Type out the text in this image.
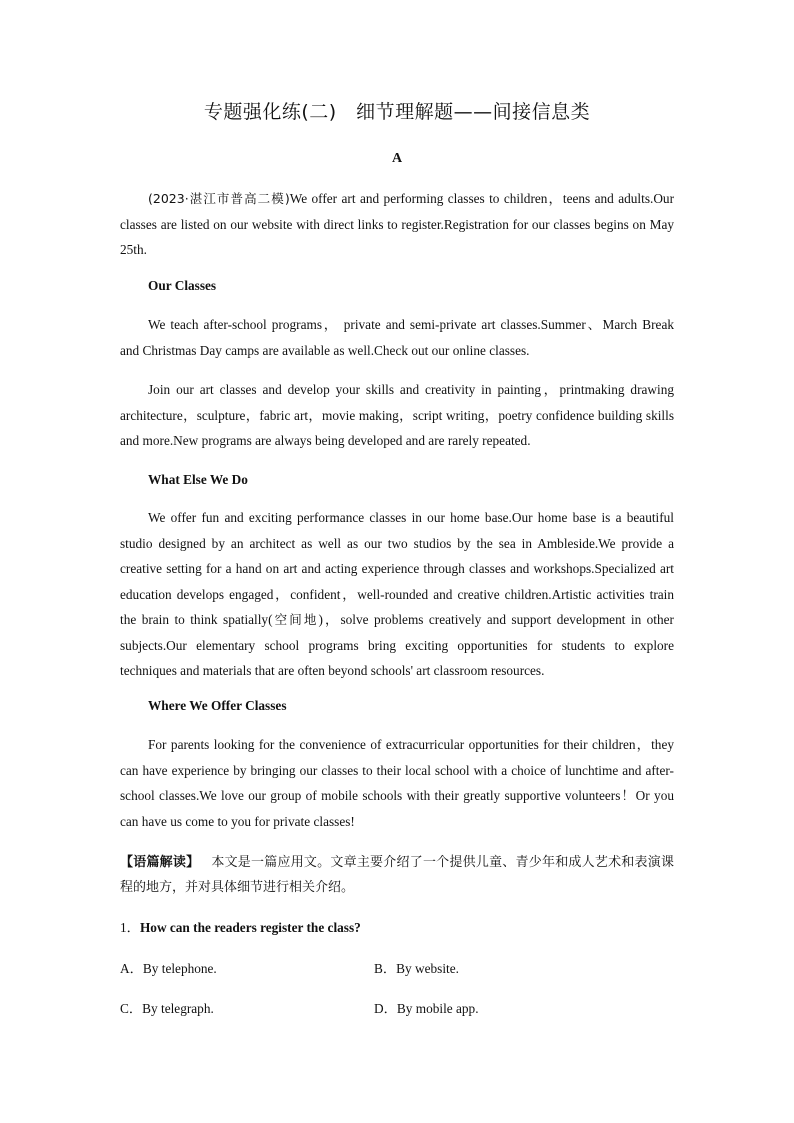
专题强化练(二)　细节理解题——间接信息类
A
(2023·湛江市普高二模)We offer art and performing classes to children，teens and adults.Our classes are listed on our website with direct links to register.Registration for our classes begins on May 25th.
Our Classes
We teach after-school programs， private and semi-private art classes.Summer、March Break and Christmas Day camps are available as well.Check out our online classes.
Join our art classes and develop your skills and creativity in painting，printmaking drawing architecture，sculpture，fabric art，movie making，script writing，poetry confidence building skills and more.New programs are always being developed and are rarely repeated.
What Else We Do
We offer fun and exciting performance classes in our home base.Our home base is a beautiful studio designed by an architect as well as our two studios by the sea in Ambleside.We provide a creative setting for a hand on art and acting experience through classes and workshops.Specialized art education develops engaged，confident，well-rounded and creative children.Artistic activities train the brain to think spatially(空间地)，solve problems creatively and support development in other subjects.Our elementary school programs bring exciting opportunities for students to explore techniques and materials that are often beyond schools' art classroom resources.
Where We Offer Classes
For parents looking for the convenience of extracurricular opportunities for their children，they can have experience by bringing our classes to their local school with a choice of lunchtime and after-school classes.We love our group of mobile schools with their greatly supportive volunteers！Or you can have us come to you for private classes!
【语篇解读】 本文是一篇应用文。文章主要介绍了一个提供儿童、青少年和成人艺术和表演课程的地方，并对具体细节进行相关介绍。
1．How can the readers register the class?
A．By telephone.	B．By website.
C．By telegraph.	D．By mobile app.
